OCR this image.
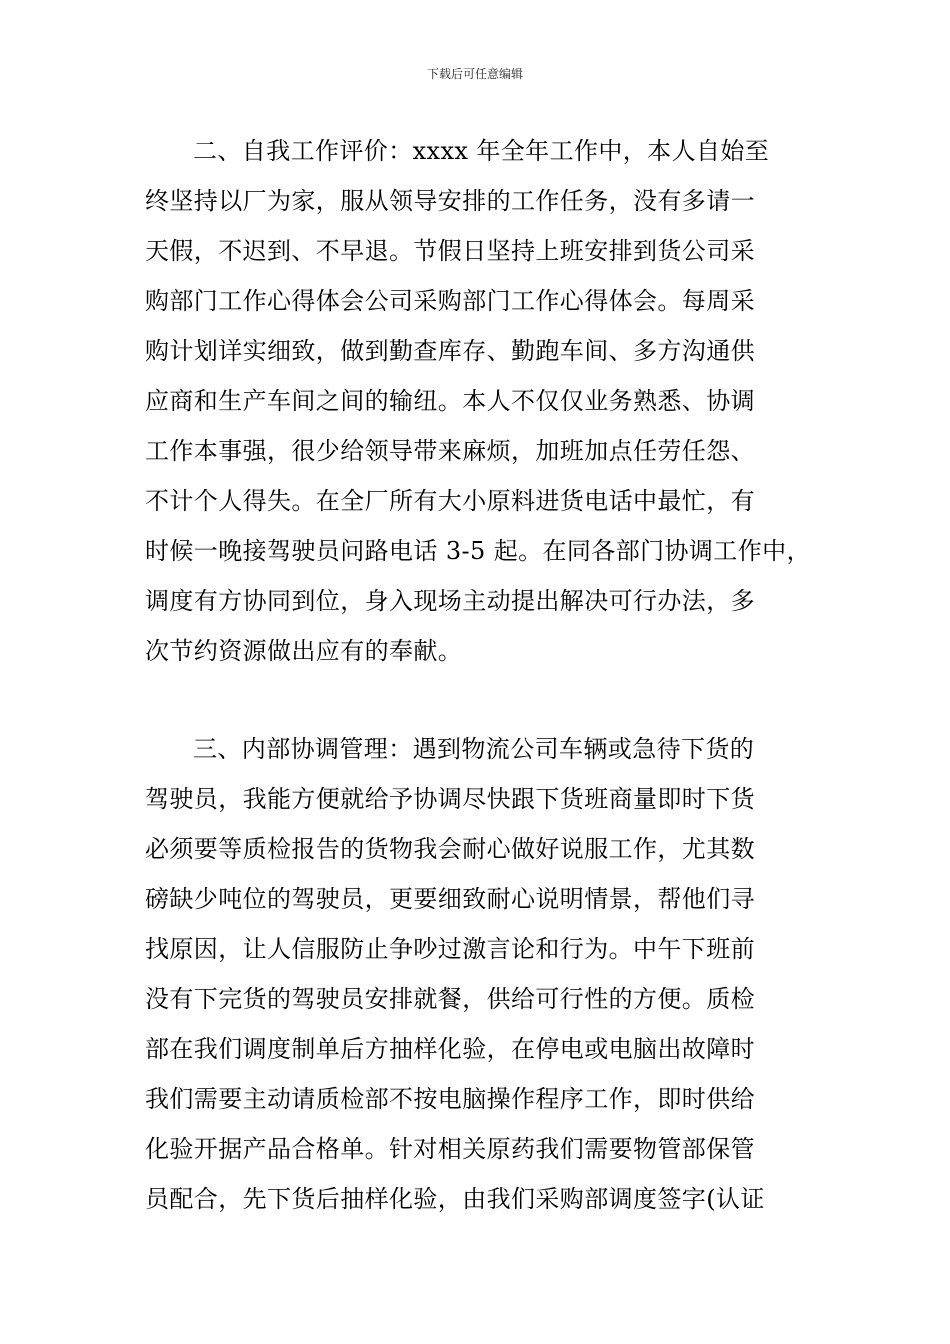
下载后可任意编辑
二、自我工作评价：xxxx 年全年工作中，本人自始至
终坚持以厂为家，服从领导安排的工作任务，没有多请一
天假，不迟到、不早退。节假日坚持上班安排到货公司采
购部门工作心得体会公司采购部门工作心得体会。每周采
购计划详实细致，做到勤查库存、勤跑车间、多方沟通供
应商和生产车间之间的输纽。本人不仅仅业务熟悉、协调
工作本事强，很少给领导带来麻烦，加班加点任劳任怨、
不计个人得失。在全厂所有大小原料进货电话中最忙，有
时候一晚接驾驶员问路电话 3-5 起。在同各部门协调工作中，
调度有方协同到位，身入现场主动提出解决可行办法，多
次节约资源做出应有的奉献。
三、内部协调管理：遇到物流公司车辆或急待下货的
驾驶员，我能方便就给予协调尽快跟下货班商量即时下货
必须要等质检报告的货物我会耐心做好说服工作，尤其数
磅缺少吨位的驾驶员，更要细致耐心说明情景，帮他们寻
找原因，让人信服防止争吵过激言论和行为。中午下班前
没有下完货的驾驶员安排就餐，供给可行性的方便。质检
部在我们调度制单后方抽样化验，在停电或电脑出故障时
我们需要主动请质检部不按电脑操作程序工作，即时供给
化验开据产品合格单。针对相关原药我们需要物管部保管
员配合，先下货后抽样化验，由我们采购部调度签字(认证
